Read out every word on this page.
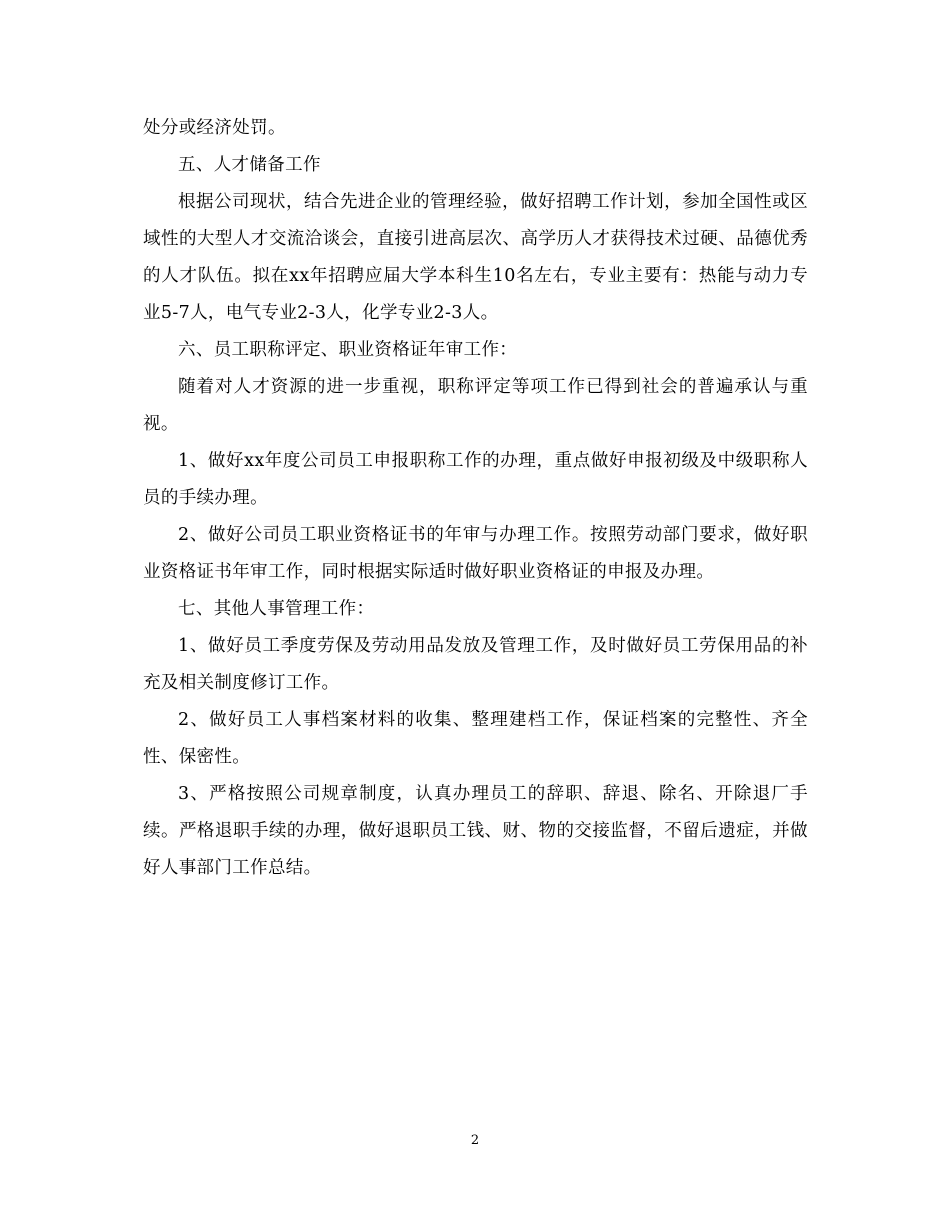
处分或经济处罚。

五、人才储备工作

根据公司现状，结合先进企业的管理经验，做好招聘工作计划，参加全国性或区域性的大型人才交流洽谈会，直接引进高层次、高学历人才获得技术过硬、品德优秀的人才队伍。拟在xx年招聘应届大学本科生10名左右，专业主要有：热能与动力专业5-7人，电气专业2-3人，化学专业2-3人。

六、员工职称评定、职业资格证年审工作：

随着对人才资源的进一步重视，职称评定等项工作已得到社会的普遍承认与重视。

1、做好xx年度公司员工申报职称工作的办理，重点做好申报初级及中级职称人员的手续办理。

2、做好公司员工职业资格证书的年审与办理工作。按照劳动部门要求，做好职业资格证书年审工作，同时根据实际适时做好职业资格证的申报及办理。

七、其他人事管理工作：

1、做好员工季度劳保及劳动用品发放及管理工作，及时做好员工劳保用品的补充及相关制度修订工作。

2、做好员工人事档案材料的收集、整理建档工作，保证档案的完整性、齐全性、保密性。

3、严格按照公司规章制度，认真办理员工的辞职、辞退、除名、开除退厂手续。严格退职手续的办理，做好退职员工钱、财、物的交接监督，不留后遗症，并做好人事部门工作总结。

2
